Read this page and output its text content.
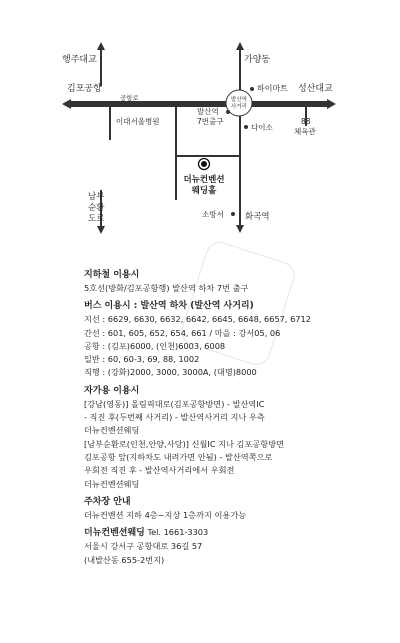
발산역
사거리
행주대교
김포공항
공항로
가양동
하이마트 성산대교
발산역
7번출구
이대서울병원
다이소
88
체육관
더뉴컨벤션
웨딩홀
소방서	화곡역
남부
순환
도로
지하철 이용시
5호선(방화/김포공항행) 발산역 하차 7번 출구
버스 이용시 : 발산역 하차 (발산역 사거리)
지선 : 6629, 6630, 6632, 6642, 6645, 6648, 6657, 6712
간선 : 601, 605, 652, 654, 661 / 마을 : 강서05, 06
공항 : (김포)6000, (인천)6003, 6008
일반 : 60, 60-3, 69, 88, 1002
직행 : (강화)2000, 3000, 3000A, (대명)8000
자가용 이용시
[강남(영동)] 올림픽대로(김포공항방면) - 발산역IC
- 직진 후(두번째 사거리) - 발산역사거리 지나 우측
더뉴컨벤션웨딩
[남부순환로(인천,안양,사당)] 신월IC 지나 김포공항방면
김포공항 앞(지하차도 내려가면 안됨) - 발산역쪽으로
우회전 직진 후 - 발산역사거리에서 우회전
더뉴컨벤션웨딩
주차장 안내
더뉴컨벤션 지하 4층~지상 1층까지 이용가능
더뉴컨벤션웨딩 Tel. 1661-3303
서울시 강서구 공항대로 36길 57
(내발산동 655-2번지)
